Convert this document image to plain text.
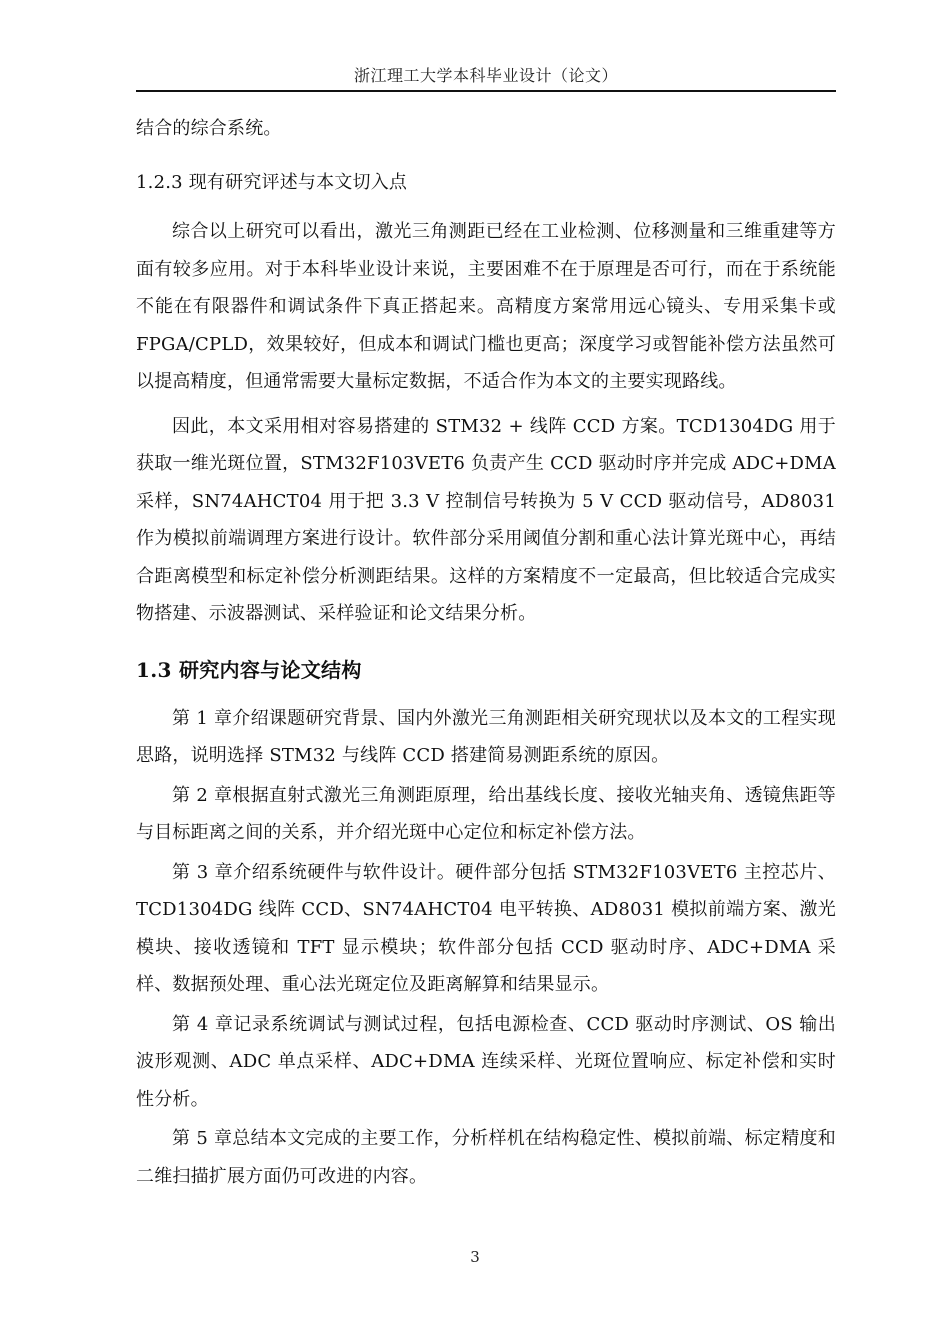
浙江理工大学本科毕业设计（论文）

结合的综合系统。

1.2.3 现有研究评述与本文切入点

综合以上研究可以看出，激光三角测距已经在工业检测、位移测量和三维重建等方面有较多应用。对于本科毕业设计来说，主要困难不在于原理是否可行，而在于系统能不能在有限器件和调试条件下真正搭起来。高精度方案常用远心镜头、专用采集卡或 FPGA/CPLD，效果较好，但成本和调试门槛也更高；深度学习或智能补偿方法虽然可以提高精度，但通常需要大量标定数据，不适合作为本文的主要实现路线。

因此，本文采用相对容易搭建的 STM32 + 线阵 CCD 方案。TCD1304DG 用于获取一维光斑位置，STM32F103VET6 负责产生 CCD 驱动时序并完成 ADC+DMA 采样，SN74AHCT04 用于把 3.3 V 控制信号转换为 5 V CCD 驱动信号，AD8031 作为模拟前端调理方案进行设计。软件部分采用阈值分割和重心法计算光斑中心，再结合距离模型和标定补偿分析测距结果。这样的方案精度不一定最高，但比较适合完成实物搭建、示波器测试、采样验证和论文结果分析。

1.3 研究内容与论文结构

第 1 章介绍课题研究背景、国内外激光三角测距相关研究现状以及本文的工程实现思路，说明选择 STM32 与线阵 CCD 搭建简易测距系统的原因。

第 2 章根据直射式激光三角测距原理，给出基线长度、接收光轴夹角、透镜焦距等与目标距离之间的关系，并介绍光斑中心定位和标定补偿方法。

第 3 章介绍系统硬件与软件设计。硬件部分包括 STM32F103VET6 主控芯片、TCD1304DG 线阵 CCD、SN74AHCT04 电平转换、AD8031 模拟前端方案、激光模块、接收透镜和 TFT 显示模块；软件部分包括 CCD 驱动时序、ADC+DMA 采样、数据预处理、重心法光斑定位及距离解算和结果显示。

第 4 章记录系统调试与测试过程，包括电源检查、CCD 驱动时序测试、OS 输出波形观测、ADC 单点采样、ADC+DMA 连续采样、光斑位置响应、标定补偿和实时性分析。

第 5 章总结本文完成的主要工作，分析样机在结构稳定性、模拟前端、标定精度和二维扫描扩展方面仍可改进的内容。

3
